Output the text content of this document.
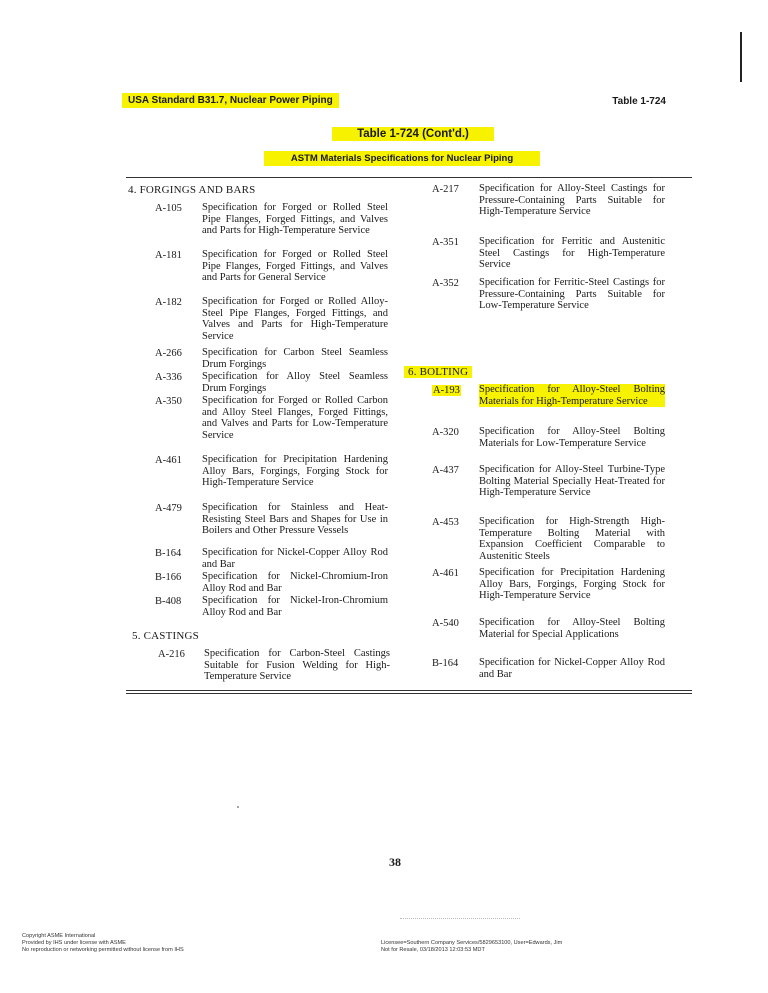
USA Standard B31.7, Nuclear Power Piping	Table 1-724
Table 1-724 (Cont'd.)
ASTM Materials Specifications for Nuclear Piping
4. FORGINGS AND BARS
A-105 Specification for Forged or Rolled Steel Pipe Flanges, Forged Fittings, and Valves and Parts for High-Temperature Service
A-181 Specification for Forged or Rolled Steel Pipe Flanges, Forged Fittings, and Valves and Parts for General Service
A-182 Specification for Forged or Rolled Alloy-Steel Pipe Flanges, Forged Fittings, and Valves and Parts for High-Temperature Service
A-266 Specification for Carbon Steel Seamless Drum Forgings
A-336 Specification for Alloy Steel Seamless Drum Forgings
A-350 Specification for Forged or Rolled Carbon and Alloy Steel Flanges, Forged Fittings, and Valves and Parts for Low-Temperature Service
A-461 Specification for Precipitation Hardening Alloy Bars, Forgings, Forging Stock for High-Temperature Service
A-479 Specification for Stainless and Heat-Resisting Steel Bars and Shapes for Use in Boilers and Other Pressure Vessels
B-164 Specification for Nickel-Copper Alloy Rod and Bar
B-166 Specification for Nickel-Chromium-Iron Alloy Rod and Bar
B-408 Specification for Nickel-Iron-Chromium Alloy Rod and Bar
5. CASTINGS
A-216 Specification for Carbon-Steel Castings Suitable for Fusion Welding for High-Temperature Service
A-217 Specification for Alloy-Steel Castings for Pressure-Containing Parts Suitable for High-Temperature Service
A-351 Specification for Ferritic and Austenitic Steel Castings for High-Temperature Service
A-352 Specification for Ferritic-Steel Castings for Pressure-Containing Parts Suitable for Low-Temperature Service
6. BOLTING
A-193 Specification for Alloy-Steel Bolting Materials for High-Temperature Service
A-320 Specification for Alloy-Steel Bolting Materials for Low-Temperature Service
A-437 Specification for Alloy-Steel Turbine-Type Bolting Material Specially Heat-Treated for High-Temperature Service
A-453 Specification for High-Strength High-Temperature Bolting Material with Expansion Coefficient Comparable to Austenitic Steels
A-461 Specification for Precipitation Hardening Alloy Bars, Forgings, Forging Stock for High-Temperature Service
A-540 Specification for Alloy-Steel Bolting Material for Special Applications
B-164 Specification for Nickel-Copper Alloy Rod and Bar
38
Copyright ASME International
Provided by IHS under license with ASME
No reproduction or networking permitted without license from IHS
Licensee=Southern Company Services/5829653100, User=Edwards, Jim
Not for Resale, 03/18/2013 12:03:53 MDT
